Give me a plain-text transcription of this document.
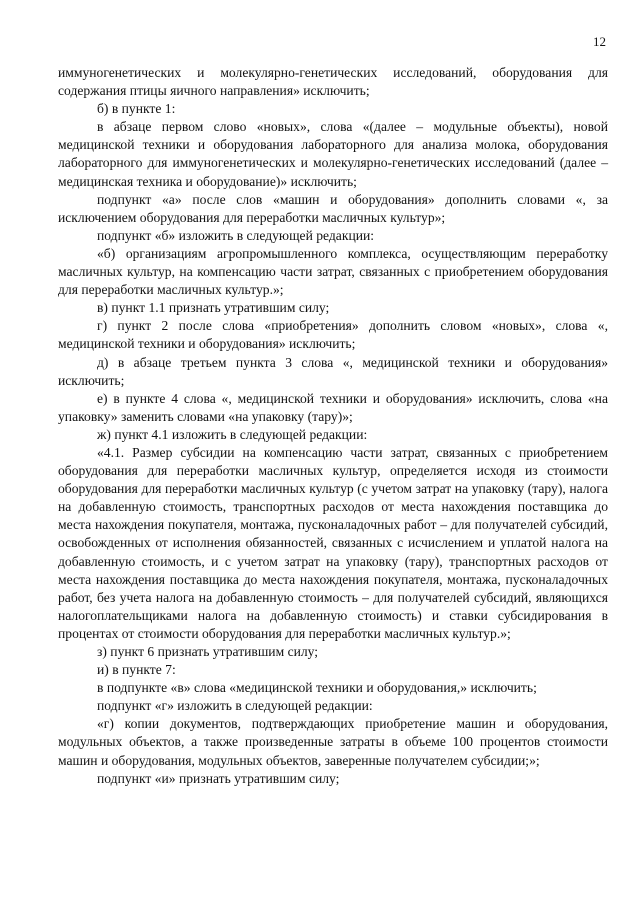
12

иммуногенетических и молекулярно-генетических исследований, оборудования для содержания птицы яичного направления» исключить;

б) в пункте 1:

в абзаце первом слово «новых», слова «(далее – модульные объекты), новой медицинской техники и оборудования лабораторного для анализа молока, оборудования лабораторного для иммуногенетических и молекулярно-генетических исследований (далее – медицинская техника и оборудование)» исключить;

подпункт «а» после слов «машин и оборудования» дополнить словами «, за исключением оборудования для переработки масличных культур»;

подпункт «б» изложить в следующей редакции:

«б) организациям агропромышленного комплекса, осуществляющим переработку масличных культур, на компенсацию части затрат, связанных с приобретением оборудования для переработки масличных культур.»;

в) пункт 1.1 признать утратившим силу;

г) пункт 2 после слова «приобретения» дополнить словом «новых», слова «, медицинской техники и оборудования» исключить;

д) в абзаце третьем пункта 3 слова «, медицинской техники и оборудования» исключить;

е) в пункте 4 слова «, медицинской техники и оборудования» исключить, слова «на упаковку» заменить словами «на упаковку (тару)»;

ж) пункт 4.1 изложить в следующей редакции:

«4.1. Размер субсидии на компенсацию части затрат, связанных с приобретением оборудования для переработки масличных культур, определяется исходя из стоимости оборудования для переработки масличных культур (с учетом затрат на упаковку (тару), налога на добавленную стоимость, транспортных расходов от места нахождения поставщика до места нахождения покупателя, монтажа, пусконаладочных работ – для получателей субсидий, освобожденных от исполнения обязанностей, связанных с исчислением и уплатой налога на добавленную стоимость, и с учетом затрат на упаковку (тару), транспортных расходов от места нахождения поставщика до места нахождения покупателя, монтажа, пусконаладочных работ, без учета налога на добавленную стоимость – для получателей субсидий, являющихся налогоплательщиками налога на добавленную стоимость) и ставки субсидирования в процентах от стоимости оборудования для переработки масличных культур.»;

з) пункт 6 признать утратившим силу;

и) в пункте 7:

в подпункте «в» слова «медицинской техники и оборудования,» исключить;

подпункт «г» изложить в следующей редакции:

«г) копии документов, подтверждающих приобретение машин и оборудования, модульных объектов, а также произведенные затраты в объеме 100 процентов стоимости машин и оборудования, модульных объектов, заверенные получателем субсидии;»;

подпункт «и» признать утратившим силу;
